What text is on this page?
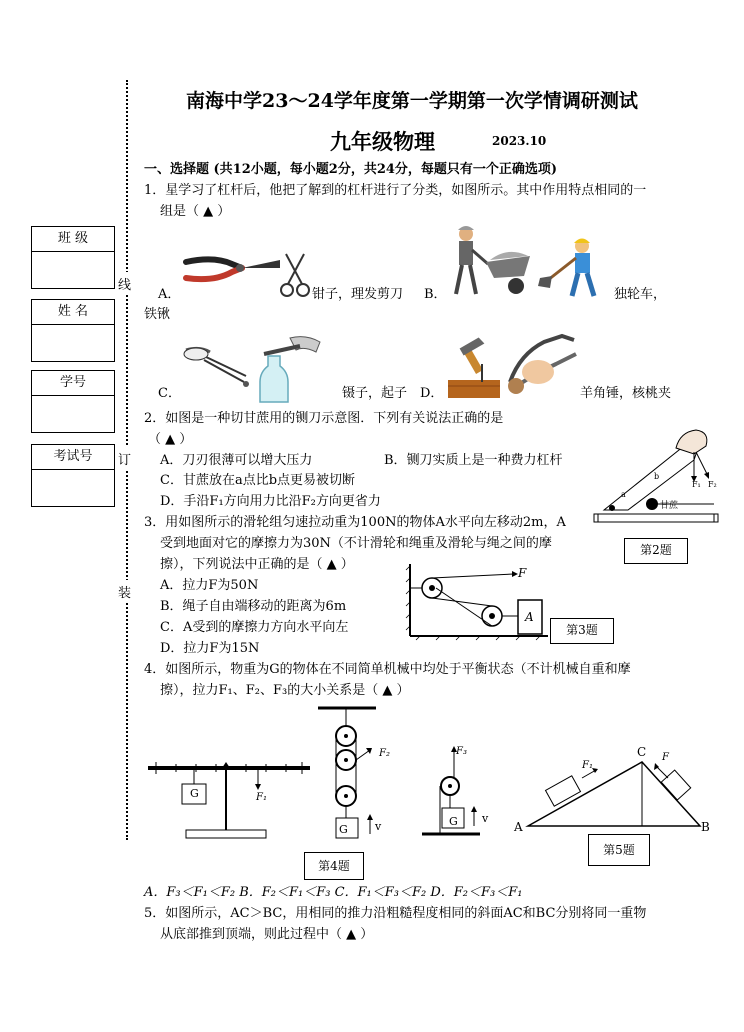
南海中学23～24学年度第一学期第一次学情调研测试
九年级物理	2023.10
线
订
装
班 级
姓 名
学号
考试号
一、选择题 (共12小题，每小题2分，共24分，每题只有一个正确选项)
1．星学习了杠杆后，他把了解到的杠杆进行了分类，如图所示。其中作用特点相同的一
组是（ ▲ ）
A．	钳子，理发剪刀 B．	独轮车，
铁锹
C．	镊子，起子 D．	羊角锤，核桃夹
2．如图是一种切甘蔗用的铡刀示意图．下列有关说法正确的是
（ ▲ ）
A．刀刃很薄可以增大压力	B．铡刀实质上是一种费力杠杆
C．甘蔗放在a点比b点更易被切断
D．手沿F₁方向用力比沿F₂方向更省力	a
b
甘蔗
F₁ F₂
第2题
3．用如图所示的滑轮组匀速拉动重为100N的物体A水平向左移动2m，A
受到地面对它的摩擦力为30N（不计滑轮和绳重及滑轮与绳之间的摩
擦），下列说法中正确的是（ ▲ ）
A．拉力F为50N
B．绳子自由端移动的距离为6m
C．A受到的摩擦力方向水平向左
D．拉力F为15N
F
A
第3题
4．如图所示，物重为G的物体在不同简单机械中均处于平衡状态（不计机械自重和摩
擦），拉力F₁、F₂、F₃的大小关系是（ ▲ ）
G	F₁
F₂
G v
F₃
G v
A	B
C
F₁
F
第4题
第5题
A．F₃＜F₁＜F₂ B．F₂＜F₁＜F₃ C．F₁＜F₃＜F₂ D．F₂＜F₃＜F₁
5．如图所示，AC＞BC，用相同的推力沿粗糙程度相同的斜面AC和BC分别将同一重物
从底部推到顶端，则此过程中（ ▲ ）
